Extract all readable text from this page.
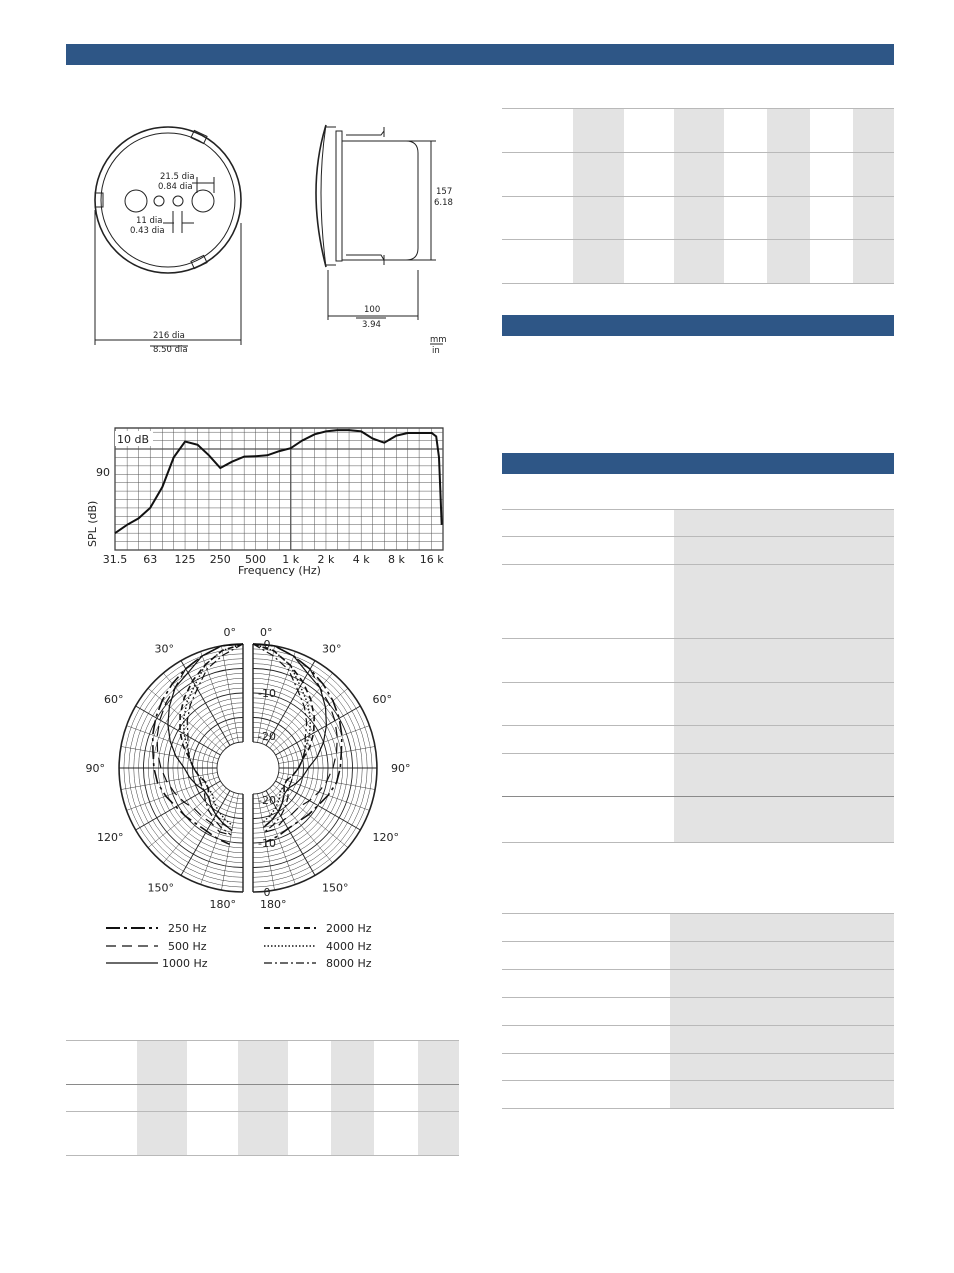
21.5 dia
0.84 dia
11 dia
0.43 dia
216 dia
8.50 dia
157
6.18
100
3.94
mm
in
31.5 63 125 250 500 1 k 2 k 4 k 8 k 16 k
10 dB
90
SPL (dB)
Frequency (Hz)
0° 0°
180° 180°
30°	30°
60°	60°
90°	90°
120°	120°
150°	150°
0
-10
-20
-20
-10
0
250 Hz
500 Hz
1000 Hz
2000 Hz
4000 Hz
8000 Hz
